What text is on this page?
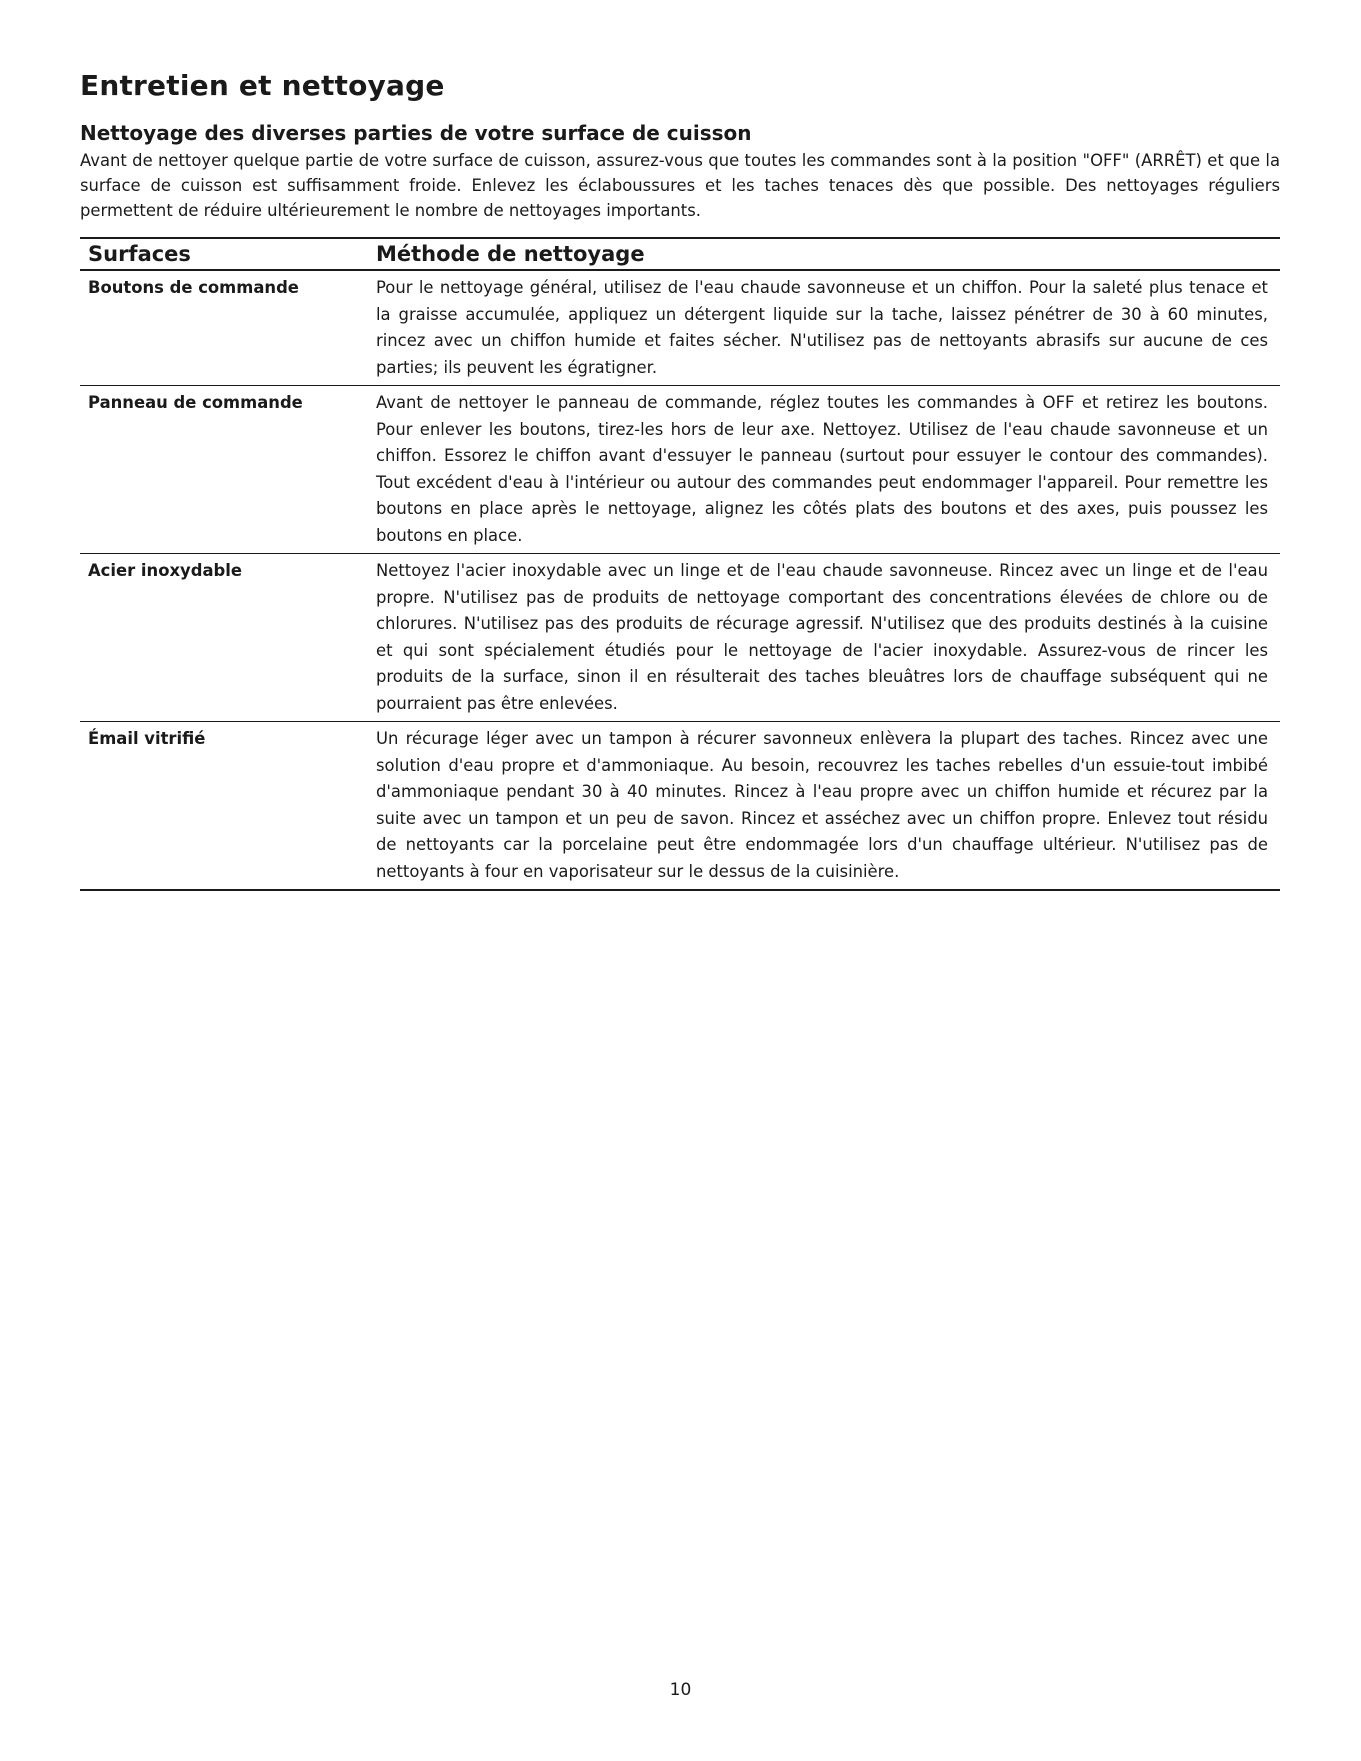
Entretien et nettoyage
Nettoyage des diverses parties de votre surface de cuisson

Avant de nettoyer quelque partie de votre surface de cuisson, assurez-vous que toutes les commandes sont à la position "OFF" (ARRÊT) et que la surface de cuisson est suffisamment froide. Enlevez les éclaboussures et les taches tenaces dès que possible. Des nettoyages réguliers permettent de réduire ultérieurement le nombre de nettoyages importants.

Surfaces	Méthode de nettoyage
Boutons de commande	Pour le nettoyage général, utilisez de l'eau chaude savonneuse et un chiffon. Pour la saleté plus tenace et la graisse accumulée, appliquez un détergent liquide sur la tache, laissez pénétrer de 30 à 60 minutes, rincez avec un chiffon humide et faites sécher. N'utilisez pas de nettoyants abrasifs sur aucune de ces parties; ils peuvent les égratigner.
Panneau de commande	Avant de nettoyer le panneau de commande, réglez toutes les commandes à OFF et retirez les boutons. Pour enlever les boutons, tirez-les hors de leur axe. Nettoyez. Utilisez de l'eau chaude savonneuse et un chiffon. Essorez le chiffon avant d'essuyer le panneau (surtout pour essuyer le contour des commandes). Tout excédent d'eau à l'intérieur ou autour des commandes peut endommager l'appareil. Pour remettre les boutons en place après le nettoyage, alignez les côtés plats des boutons et des axes, puis poussez les boutons en place.
Acier inoxydable	Nettoyez l'acier inoxydable avec un linge et de l'eau chaude savonneuse. Rincez avec un linge et de l'eau propre. N'utilisez pas de produits de nettoyage comportant des concentrations élevées de chlore ou de chlorures. N'utilisez pas des produits de récurage agressif. N'utilisez que des produits destinés à la cuisine et qui sont spécialement étudiés pour le nettoyage de l'acier inoxydable. Assurez-vous de rincer les produits de la surface, sinon il en résulterait des taches bleuâtres lors de chauffage subséquent qui ne pourraient pas être enlevées.
Émail vitrifié	Un récurage léger avec un tampon à récurer savonneux enlèvera la plupart des taches. Rincez avec une solution d'eau propre et d'ammoniaque. Au besoin, recouvrez les taches rebelles d'un essuie-tout imbibé d'ammoniaque pendant 30 à 40 minutes. Rincez à l'eau propre avec un chiffon humide et récurez par la suite avec un tampon et un peu de savon. Rincez et asséchez avec un chiffon propre. Enlevez tout résidu de nettoyants car la porcelaine peut être endommagée lors d'un chauffage ultérieur. N'utilisez pas de nettoyants à four en vaporisateur sur le dessus de la cuisinière.
10
